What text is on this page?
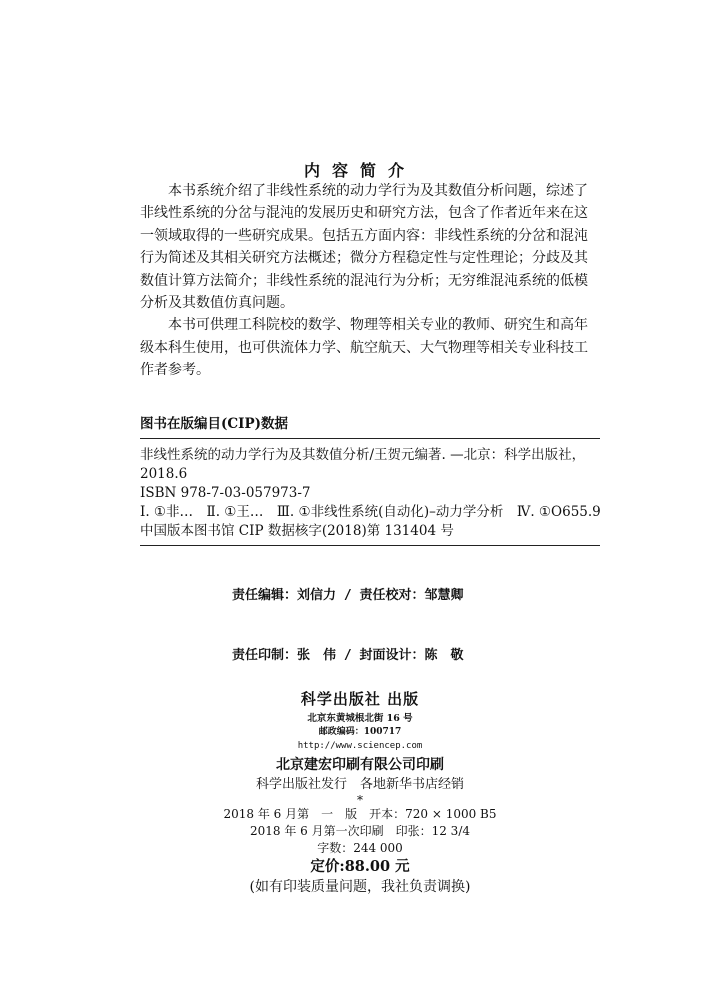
内容简介

本书系统介绍了非线性系统的动力学行为及其数值分析问题，综述了非线性系统的分岔与混沌的发展历史和研究方法，包含了作者近年来在这一领域取得的一些研究成果。包括五方面内容：非线性系统的分岔和混沌行为简述及其相关研究方法概述；微分方程稳定性与定性理论；分歧及其数值计算方法简介；非线性系统的混沌行为分析；无穷维混沌系统的低模分析及其数值仿真问题。

本书可供理工科院校的数学、物理等相关专业的教师、研究生和高年级本科生使用，也可供流体力学、航空航天、大气物理等相关专业科技工作者参考。

图书在版编目(CIP)数据
非线性系统的动力学行为及其数值分析/王贺元编著. —北京：科学出版社，
2018.6
ISBN 978-7-03-057973-7
Ⅰ. ①非…　Ⅱ. ①王…　Ⅲ. ①非线性系统(自动化)–动力学分析　Ⅳ. ①O655.9
中国版本图书馆 CIP 数据核字(2018)第 131404 号

责任编辑：刘信力 / 责任校对：邹慧卿

责任印制：张　伟 / 封面设计：陈　敬

科学出版社 出版
北京东黄城根北街 16 号
邮政编码：100717
http://www.sciencep.com
北京建宏印刷有限公司印刷
科学出版社发行　各地新华书店经销
*
2018 年 6 月第　一　版　开本：720 × 1000 B5
2018 年 6 月第一次印刷　印张：12 3/4
字数：244 000
定价:88.00 元
(如有印装质量问题，我社负责调换)
